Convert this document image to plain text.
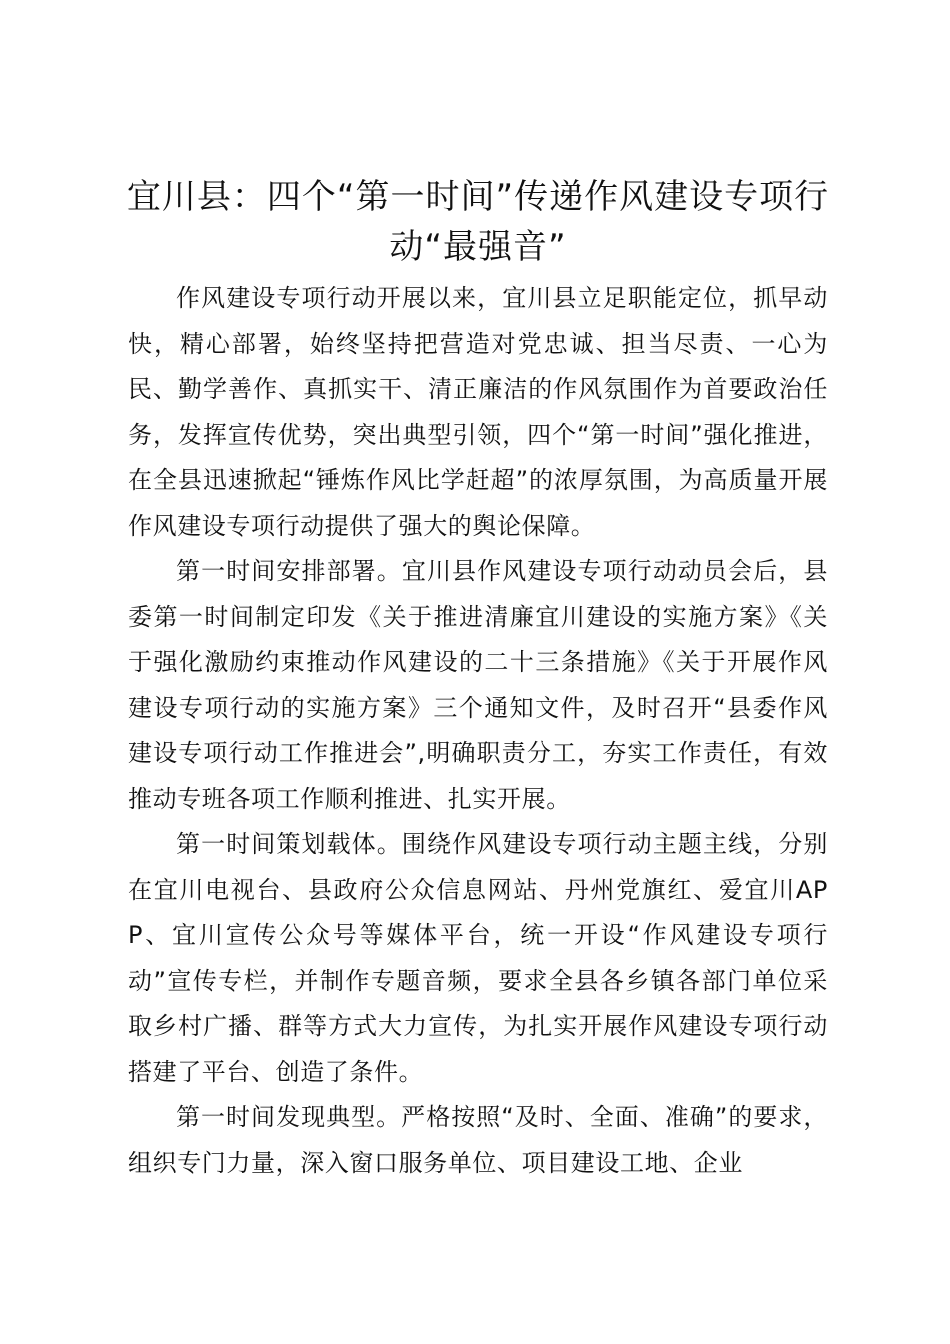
宜川县：四个“第一时间”传递作风建设专项行动“最强音”

作风建设专项行动开展以来，宜川县立足职能定位，抓早动快，精心部署，始终坚持把营造对党忠诚、担当尽责、一心为民、勤学善作、真抓实干、清正廉洁的作风氛围作为首要政治任务，发挥宣传优势，突出典型引领，四个“第一时间”强化推进，在全县迅速掀起“锤炼作风比学赶超”的浓厚氛围，为高质量开展作风建设专项行动提供了强大的舆论保障。

第一时间安排部署。宜川县作风建设专项行动动员会后，县委第一时间制定印发《关于推进清廉宜川建设的实施方案》《关于强化激励约束推动作风建设的二十三条措施》《关于开展作风建设专项行动的实施方案》三个通知文件，及时召开“县委作风建设专项行动工作推进会”,明确职责分工，夯实工作责任，有效推动专班各项工作顺利推进、扎实开展。

第一时间策划载体。围绕作风建设专项行动主题主线，分别在宜川电视台、县政府公众信息网站、丹州党旗红、爱宜川APP、宜川宣传公众号等媒体平台，统一开设“作风建设专项行动”宣传专栏，并制作专题音频，要求全县各乡镇各部门单位采取乡村广播、群等方式大力宣传，为扎实开展作风建设专项行动搭建了平台、创造了条件。

第一时间发现典型。严格按照“及时、全面、准确”的要求，组织专门力量，深入窗口服务单位、项目建设工地、企业
